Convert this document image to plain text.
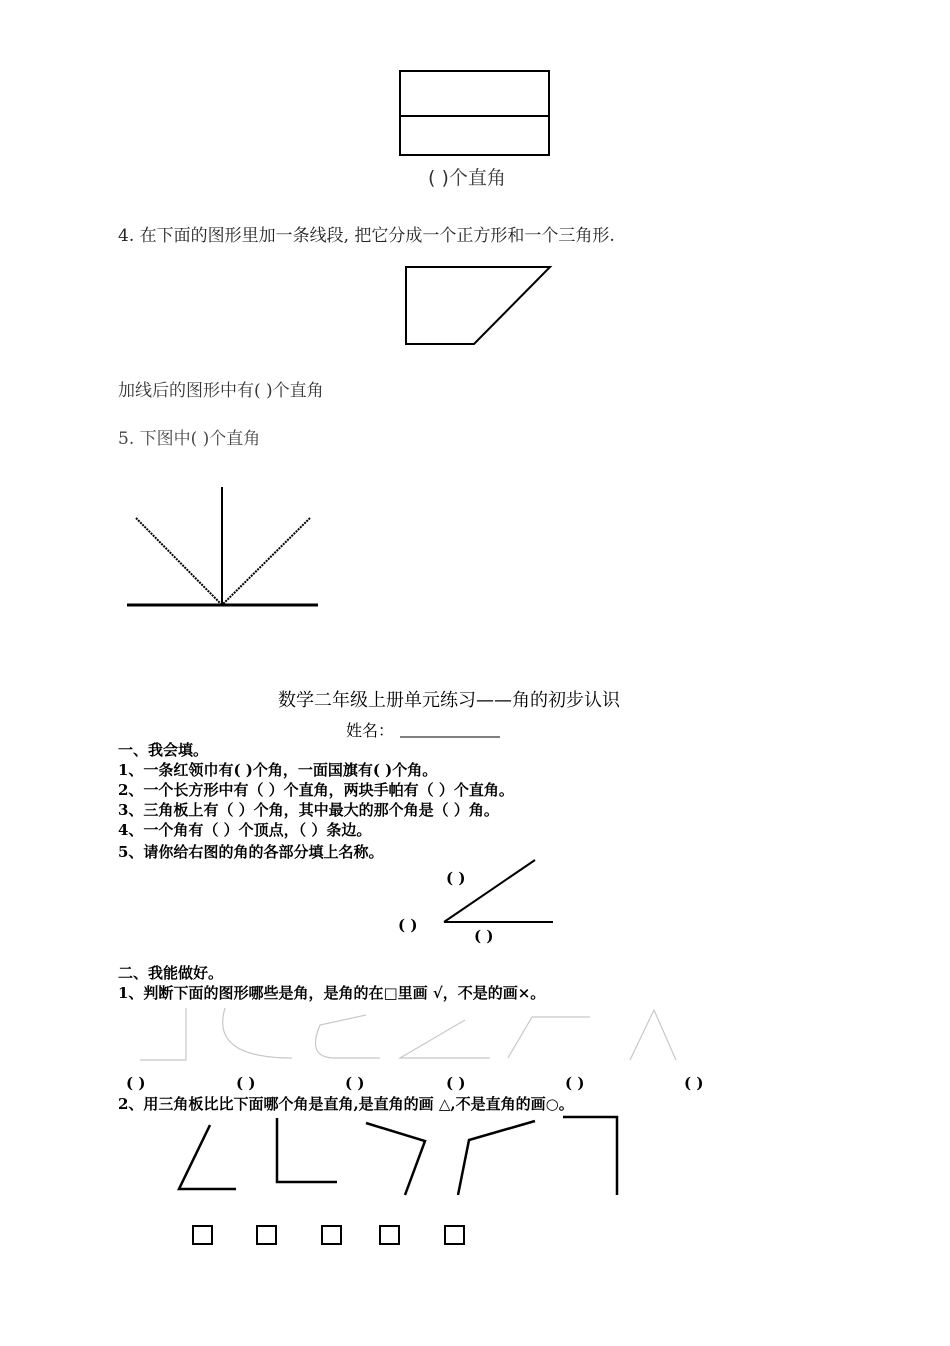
( )个直角
4. 在下面的图形里加一条线段, 把它分成一个正方形和一个三角形.
加线后的图形中有( )个直角
5. 下图中( )个直角
数学二年级上册单元练习——角的初步认识
姓名：
一、我会填。
1、一条红领巾有( )个角，一面国旗有( )个角。
2、一个长方形中有（ ）个直角，两块手帕有（ ）个直角。
3、三角板上有（ ）个角，其中最大的那个角是（ ）角。
4、一个角有（ ）个顶点，（ ）条边。
5、请你给右图的角的各部分填上名称。
( )
( )
( )
二、我能做好。
1、判断下面的图形哪些是角，是角的在□里画 √，不是的画×。
( )	( )	( )	( )	( )	( )
2、用三角板比比下面哪个角是直角,是直角的画 △,不是直角的画○。
